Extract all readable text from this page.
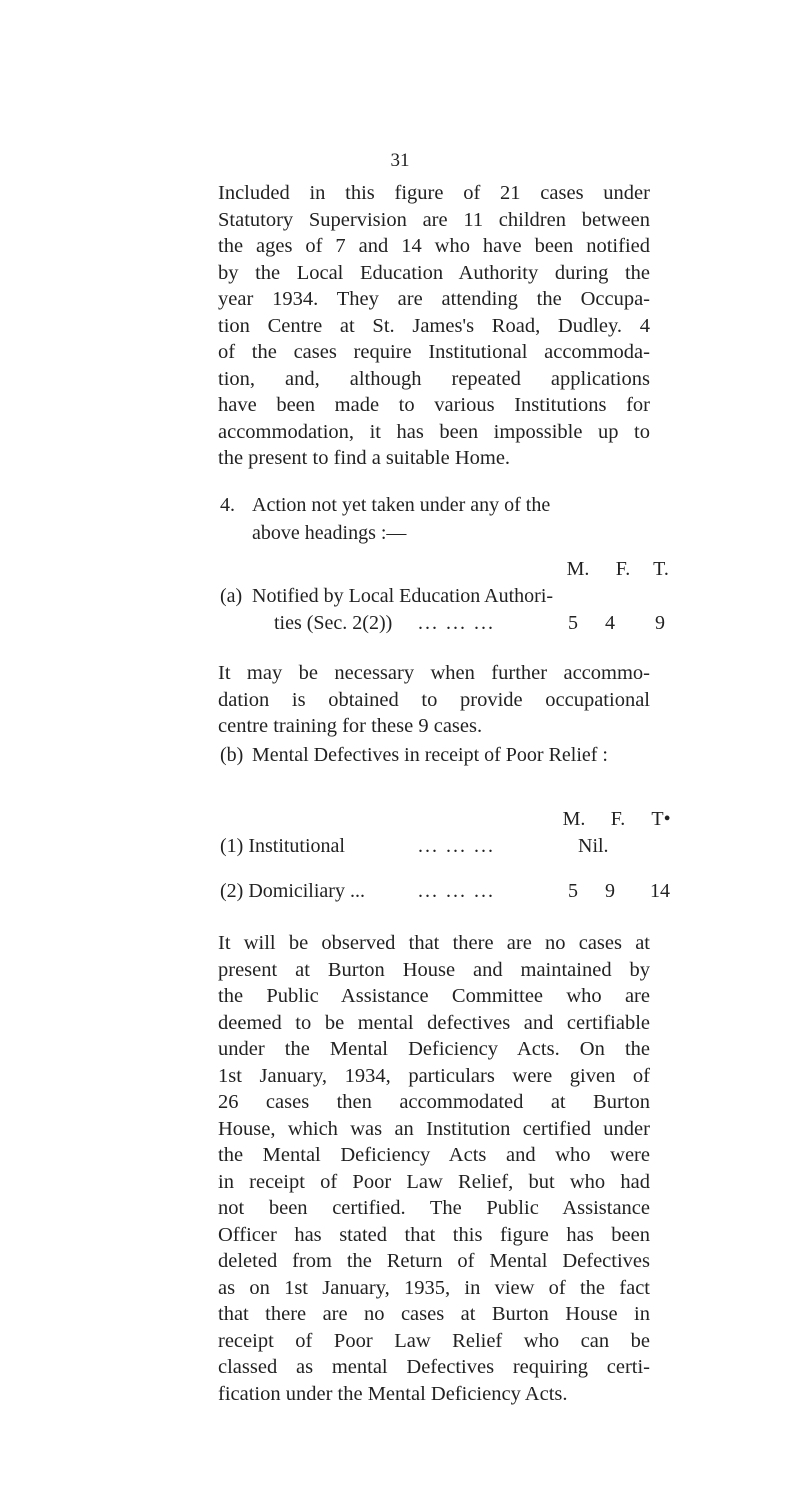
31
Included in this figure of 21 cases under
Statutory Supervision are 11 children between
the ages of 7 and 14 who have been notified
by the Local Education Authority during the
year 1934. They are attending the Occupa-
tion Centre at St. James's Road, Dudley. 4
of the cases require Institutional accommoda-
tion, and, although repeated applications
have been made to various Institutions for
accommodation, it has been impossible up to
the present to find a suitable Home.
4. Action not yet taken under any of the
above headings :—
M.	F.	T.
(a) Notified by Local Education Authori-
ties (Sec. 2(2)) ... ... ...	5	4	9
It may be necessary when further accommo-
dation is obtained to provide occupational
centre training for these 9 cases.
(b) Mental Defectives in receipt of Poor Relief :
M.	F.	T•
(1) Institutional	... ... ...	Nil.
(2) Domiciliary ...	... ... ...	5	9	14
It will be observed that there are no cases at
present at Burton House and maintained by
the Public Assistance Committee who are
deemed to be mental defectives and certifiable
under the Mental Deficiency Acts. On the
1st January, 1934, particulars were given of
26 cases then accommodated at Burton
House, which was an Institution certified under
the Mental Deficiency Acts and who were
in receipt of Poor Law Relief, but who had
not been certified. The Public Assistance
Officer has stated that this figure has been
deleted from the Return of Mental Defectives
as on 1st January, 1935, in view of the fact
that there are no cases at Burton House in
receipt of Poor Law Relief who can be
classed as mental Defectives requiring certi-
fication under the Mental Deficiency Acts.
